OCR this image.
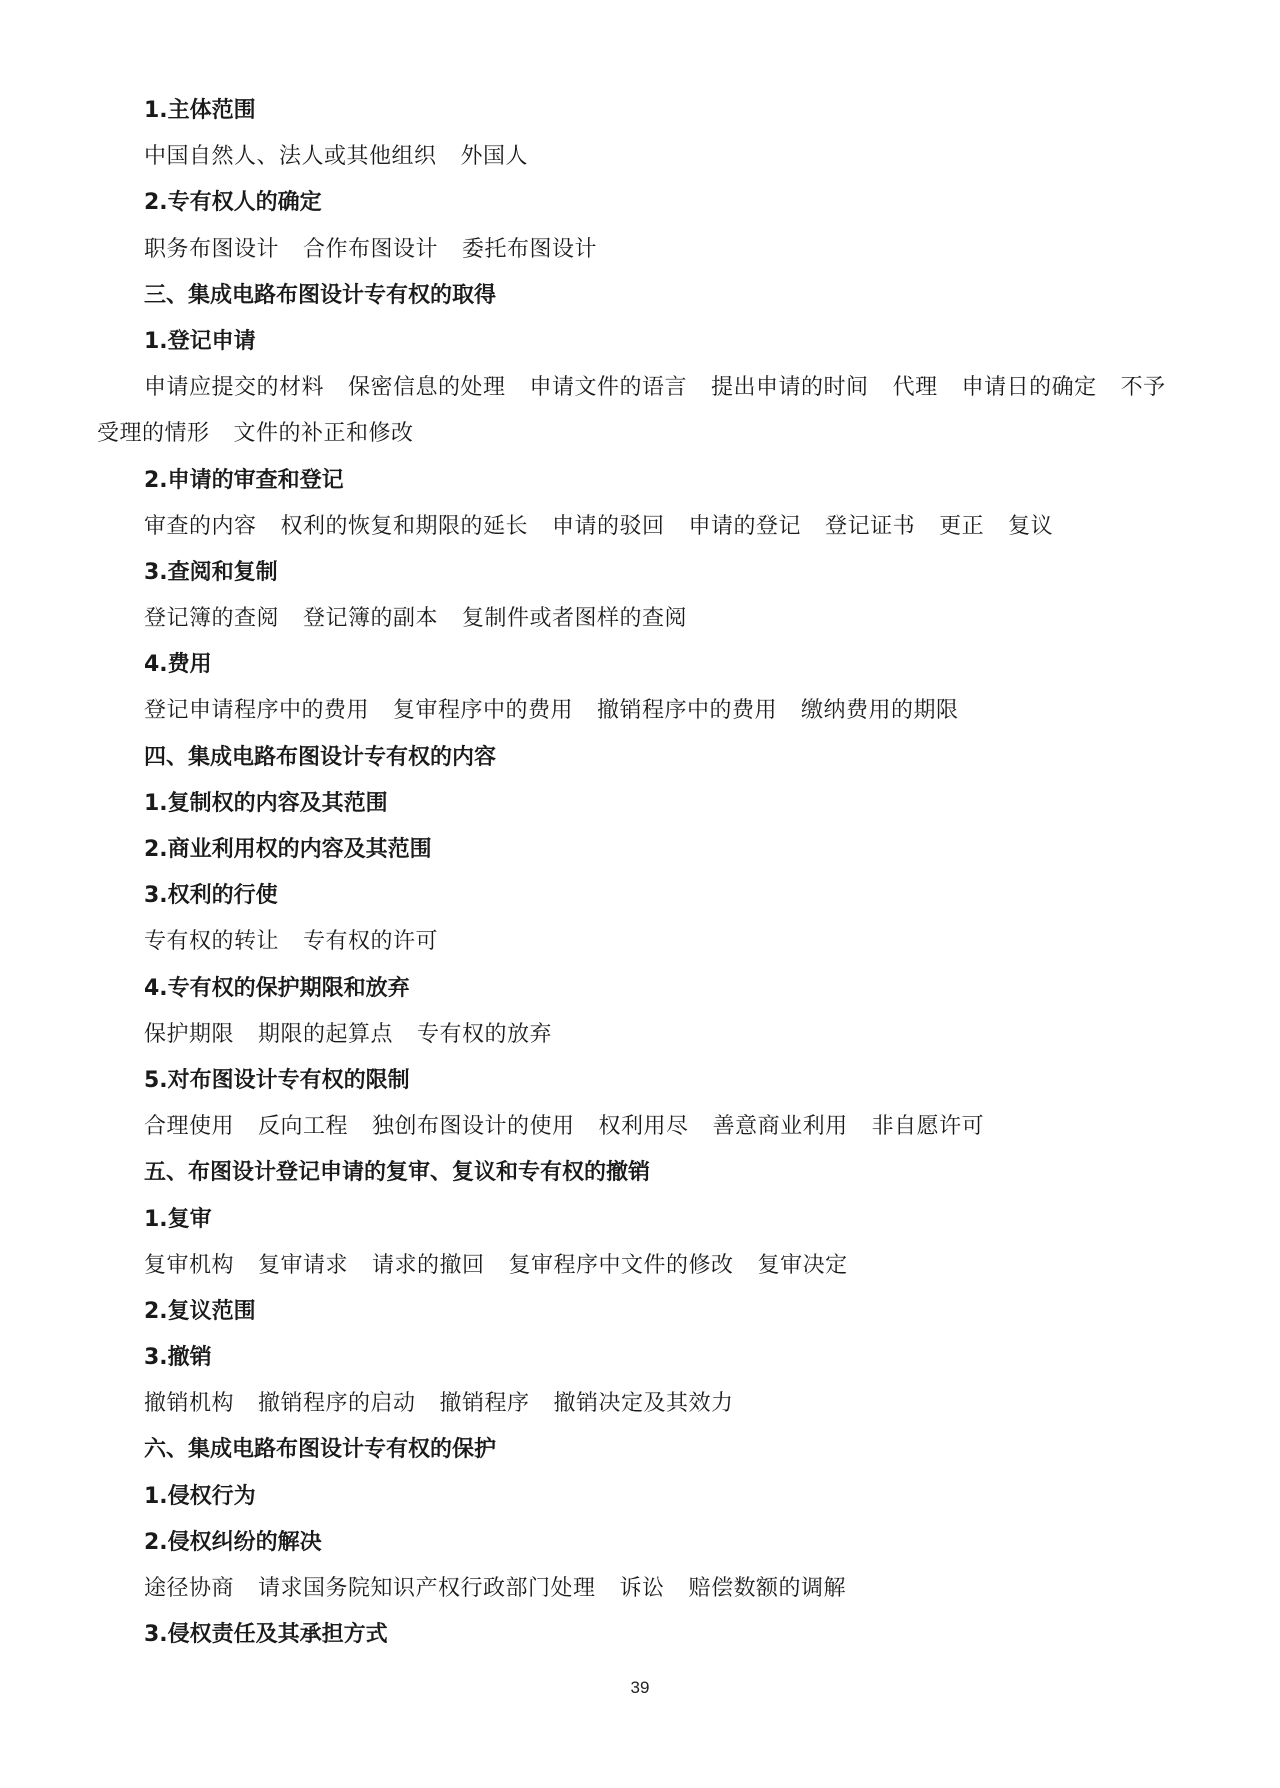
1.主体范围
中国自然人、法人或其他组织 外国人
2.专有权人的确定
职务布图设计 合作布图设计 委托布图设计
三、集成电路布图设计专有权的取得
1.登记申请
申请应提交的材料 保密信息的处理 申请文件的语言 提出申请的时间 代理 申请日的确定 不予受理的情形 文件的补正和修改
2.申请的审查和登记
审查的内容 权利的恢复和期限的延长 申请的驳回 申请的登记 登记证书 更正 复议
3.查阅和复制
登记簿的查阅 登记簿的副本 复制件或者图样的查阅
4.费用
登记申请程序中的费用 复审程序中的费用 撤销程序中的费用 缴纳费用的期限
四、集成电路布图设计专有权的内容
1.复制权的内容及其范围
2.商业利用权的内容及其范围
3.权利的行使
专有权的转让 专有权的许可
4.专有权的保护期限和放弃
保护期限 期限的起算点 专有权的放弃
5.对布图设计专有权的限制
合理使用 反向工程 独创布图设计的使用 权利用尽 善意商业利用 非自愿许可
五、布图设计登记申请的复审、复议和专有权的撤销
1.复审
复审机构 复审请求 请求的撤回 复审程序中文件的修改 复审决定
2.复议范围
3.撤销
撤销机构 撤销程序的启动 撤销程序 撤销决定及其效力
六、集成电路布图设计专有权的保护
1.侵权行为
2.侵权纠纷的解决
途径协商 请求国务院知识产权行政部门处理 诉讼 赔偿数额的调解
3.侵权责任及其承担方式
39
